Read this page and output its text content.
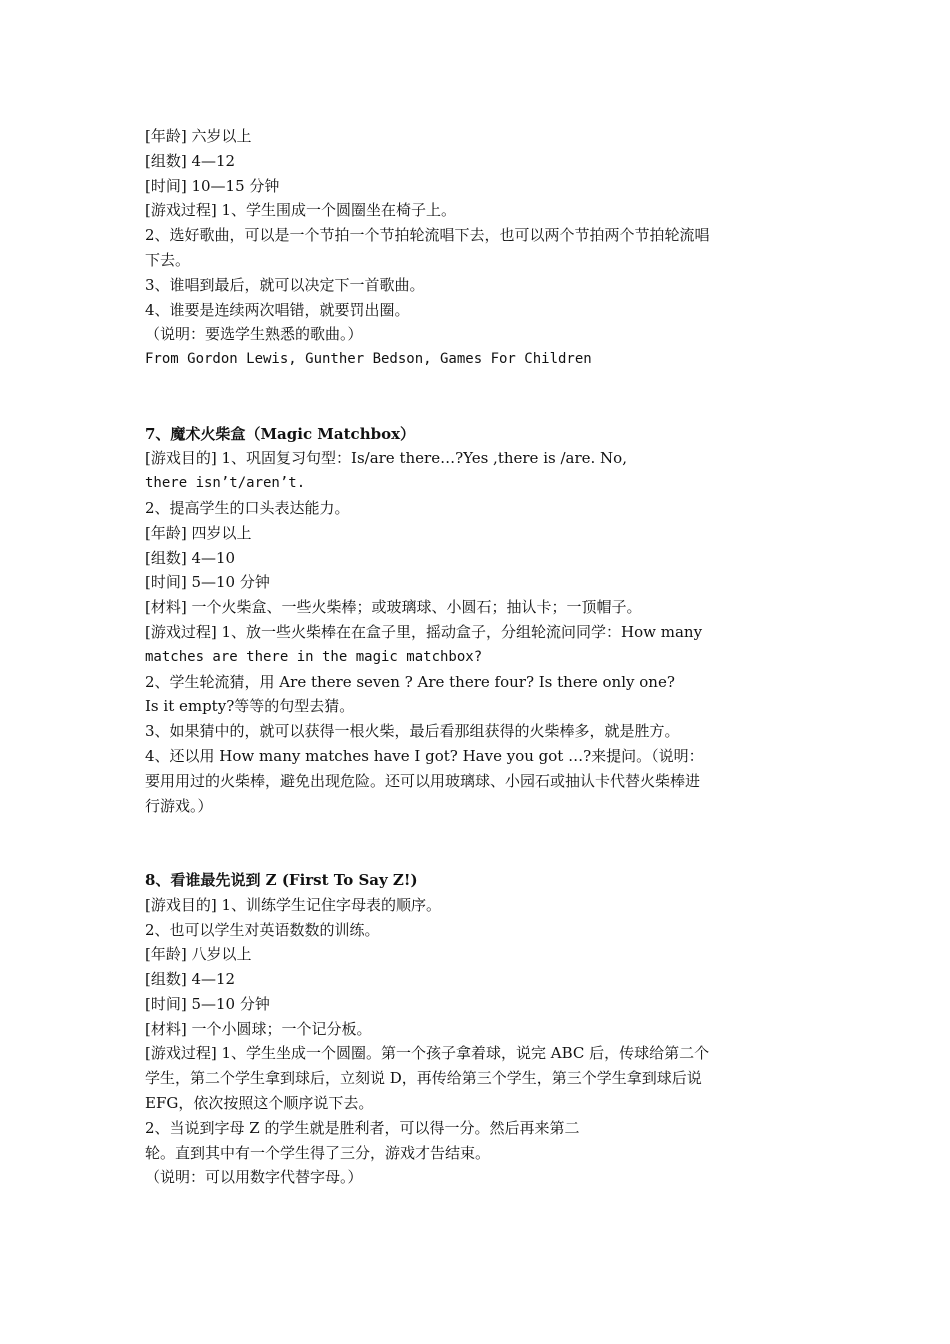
[年龄] 六岁以上
[组数] 4—12
[时间] 10—15 分钟
[游戏过程] 1、学生围成一个圆圈坐在椅子上。
2、选好歌曲，可以是一个节拍一个节拍轮流唱下去，也可以两个节拍两个节拍轮流唱
下去。
3、谁唱到最后，就可以决定下一首歌曲。
4、谁要是连续两次唱错，就要罚出圈。
（说明：要选学生熟悉的歌曲。）
From Gordon Lewis, Gunther Bedson, Games For Children
7、魔术火柴盒（Magic Matchbox）
[游戏目的] 1、巩固复习句型：Is/are there…?Yes ,there is /are. No,
there isn’t/aren’t.
2、提高学生的口头表达能力。
[年龄] 四岁以上
[组数] 4—10
[时间] 5—10 分钟
[材料] 一个火柴盒、一些火柴棒；或玻璃球、小圆石；抽认卡；一顶帽子。
[游戏过程] 1、放一些火柴棒在在盒子里，摇动盒子，分组轮流问同学：How many
matches are there in the magic matchbox?
2、学生轮流猜，用 Are there seven ? Are there four? Is there only one?
Is it empty?等等的句型去猜。
3、如果猜中的，就可以获得一根火柴，最后看那组获得的火柴棒多，就是胜方。
4、还以用 How many matches have I got? Have you got …?来提问。（说明：
要用用过的火柴棒，避免出现危险。还可以用玻璃球、小园石或抽认卡代替火柴棒进
行游戏。）
8、看谁最先说到 Z (First To Say Z!)
[游戏目的] 1、训练学生记住字母表的顺序。
2、也可以学生对英语数数的训练。
[年龄] 八岁以上
[组数] 4—12
[时间] 5—10 分钟
[材料] 一个小圆球；一个记分板。
[游戏过程] 1、学生坐成一个圆圈。第一个孩子拿着球，说完 ABC 后，传球给第二个
学生，第二个学生拿到球后，立刻说 D，再传给第三个学生，第三个学生拿到球后说
EFG，依次按照这个顺序说下去。
2、当说到字母 Z 的学生就是胜利者，可以得一分。然后再来第二
轮。直到其中有一个学生得了三分，游戏才告结束。
（说明：可以用数字代替字母。）
